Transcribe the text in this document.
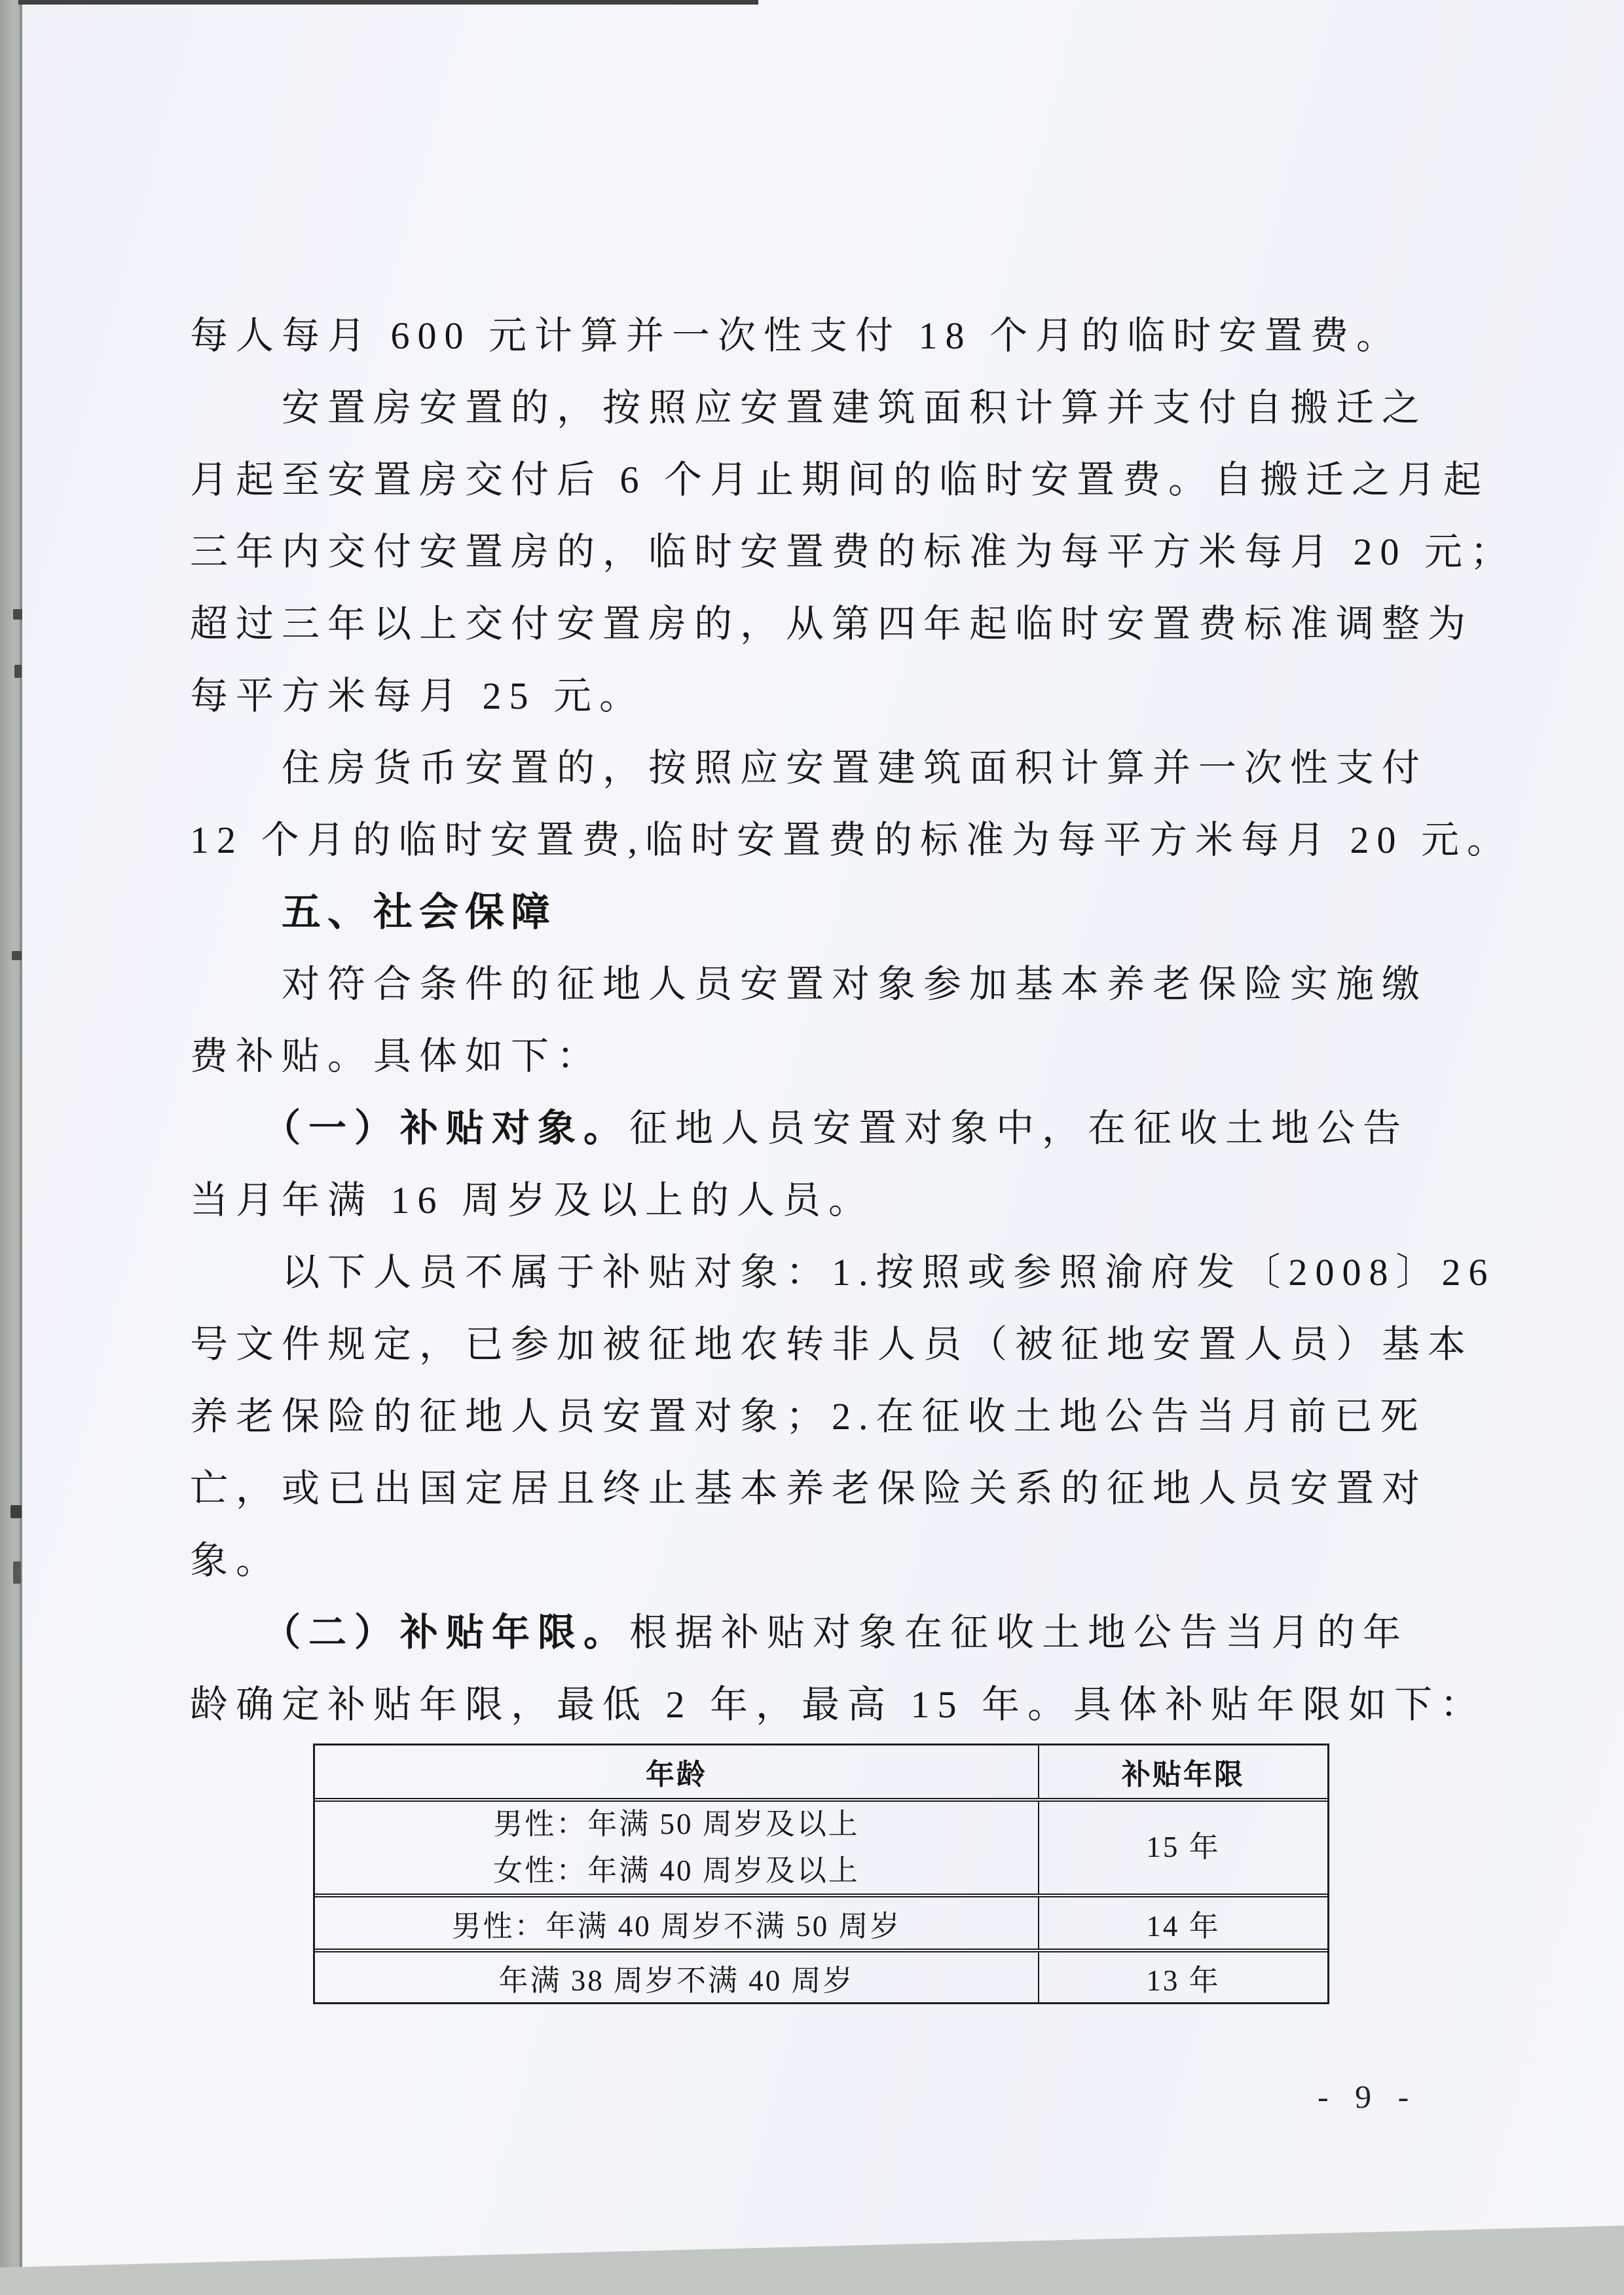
每人每月 600 元计算并一次性支付 18 个月的临时安置费。
　　安置房安置的，按照应安置建筑面积计算并支付自搬迁之
月起至安置房交付后 6 个月止期间的临时安置费。自搬迁之月起
三年内交付安置房的，临时安置费的标准为每平方米每月 20 元；
超过三年以上交付安置房的，从第四年起临时安置费标准调整为
每平方米每月 25 元。
　　住房货币安置的，按照应安置建筑面积计算并一次性支付
12 个月的临时安置费,临时安置费的标准为每平方米每月 20 元。
　　五、社会保障
　　对符合条件的征地人员安置对象参加基本养老保险实施缴
费补贴。具体如下：
　　（一）补贴对象。征地人员安置对象中，在征收土地公告
当月年满 16 周岁及以上的人员。
　　以下人员不属于补贴对象：1.按照或参照渝府发〔2008〕26
号文件规定，已参加被征地农转非人员（被征地安置人员）基本
养老保险的征地人员安置对象；2.在征收土地公告当月前已死
亡，或已出国定居且终止基本养老保险关系的征地人员安置对
象。
　　（二）补贴年限。根据补贴对象在征收土地公告当月的年
龄确定补贴年限，最低 2 年，最高 15 年。具体补贴年限如下：
年龄	补贴年限
男性：年满 50 周岁及以上
女性：年满 40 周岁及以上
15 年
男性：年满 40 周岁不满 50 周岁	14 年
年满 38 周岁不满 40 周岁	13 年
- 9 -
